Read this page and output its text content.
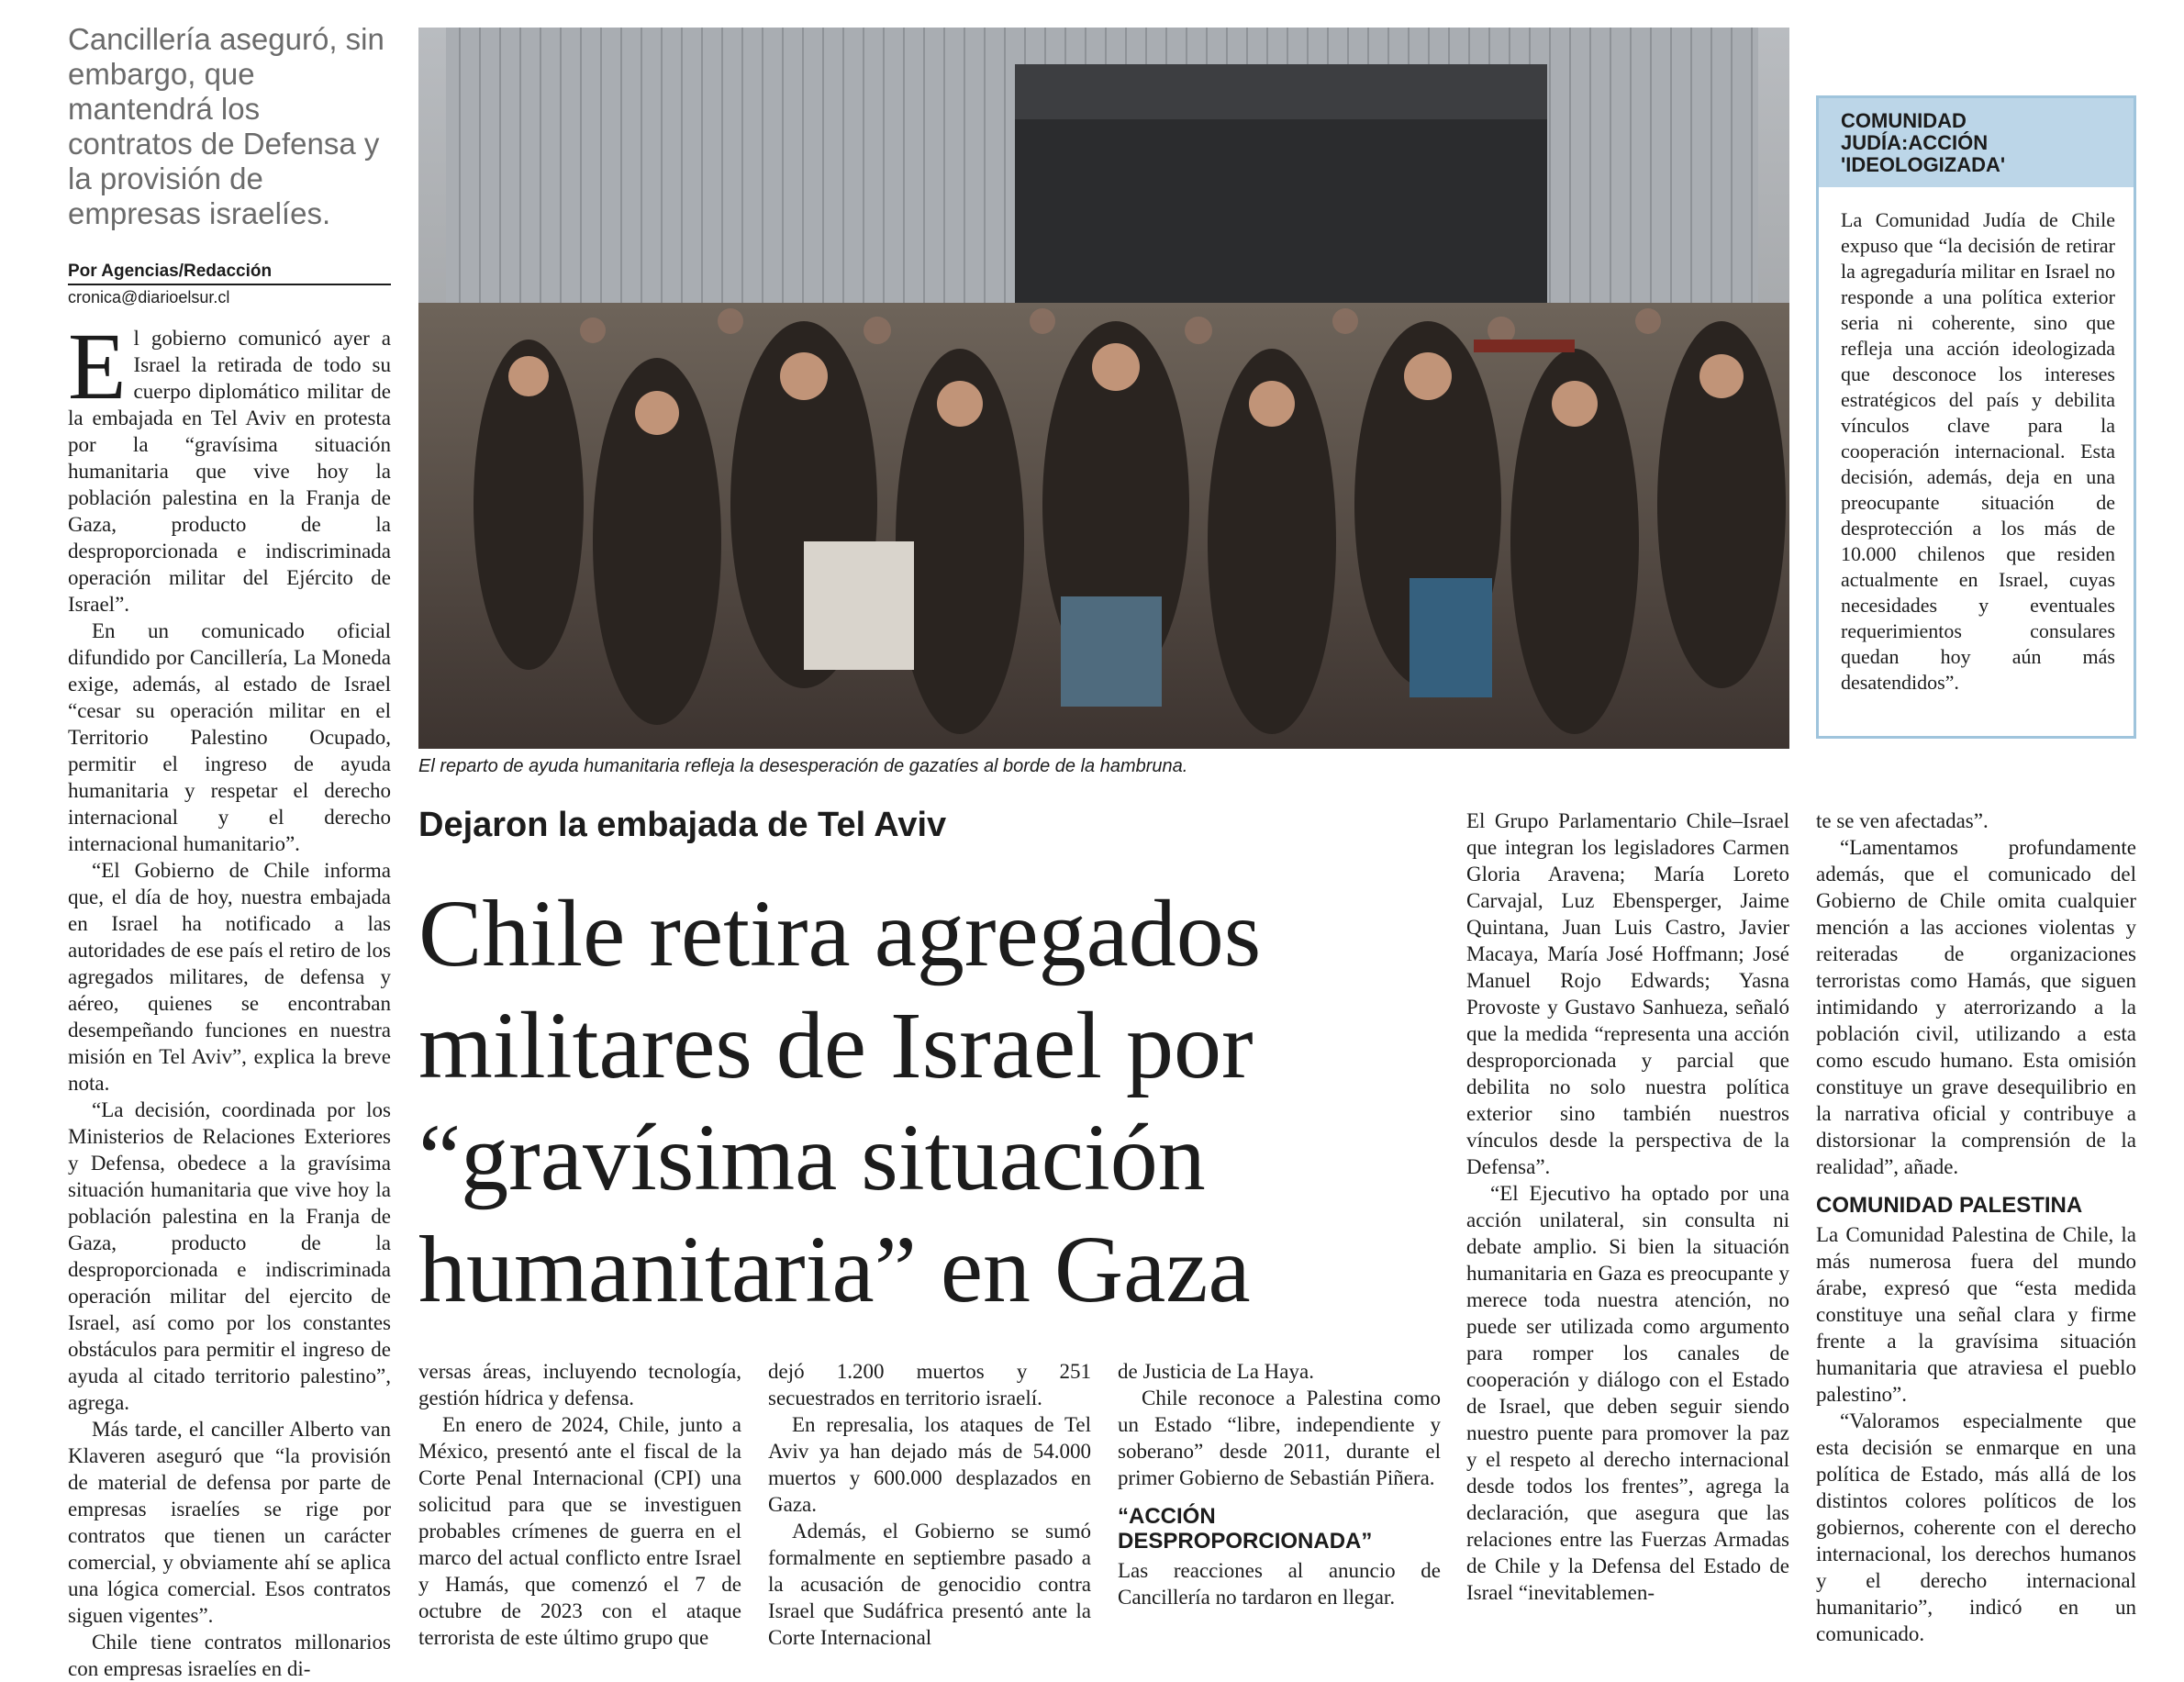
Cancillería aseguró, sin embargo, que mantendrá los contratos de Defensa y la provisión de empresas israelíes.
Por Agencias/Redacción
cronica@diarioelsur.cl

El gobierno comunicó ayer a Israel la retirada de todo su cuerpo diplomático militar de la embajada en Tel Aviv en protesta por la “gravísima situación humanitaria que vive hoy la población palestina en la Franja de Gaza, producto de la desproporcionada e indiscriminada operación militar del Ejército de Israel”.

En un comunicado oficial difundido por Cancillería, La Moneda exige, además, al estado de Israel “cesar su operación militar en el Territorio Palestino Ocupado, permitir el ingreso de ayuda humanitaria y respetar el derecho internacional y el derecho internacional humanitario”.

“El Gobierno de Chile informa que, el día de hoy, nuestra embajada en Israel ha notificado a las autoridades de ese país el retiro de los agregados militares, de defensa y aéreo, quienes se encontraban desempeñando funciones en nuestra misión en Tel Aviv”, explica la breve nota.

“La decisión, coordinada por los Ministerios de Relaciones Exteriores y Defensa, obedece a la gravísima situación humanitaria que vive hoy la población palestina en la Franja de Gaza, producto de la desproporcionada e indiscriminada operación militar del ejercito de Israel, así como por los constantes obstáculos para permitir el ingreso de ayuda al citado territorio palestino”, agrega.

Más tarde, el canciller Alberto van Klaveren aseguró que “la provisión de material de defensa por parte de empresas israelíes se rige por contratos que tienen un carácter comercial, y obviamente ahí se aplica una lógica comercial. Esos contratos siguen vigentes”.

Chile tiene contratos millonarios con empresas israelíes en di-

El reparto de ayuda humanitaria refleja la desesperación de gazatíes al borde de la hambruna.
COMUNIDAD JUDÍA:ACCIÓN 'IDEOLOGIZADA'
La Comunidad Judía de Chile expuso que “la decisión de retirar la agregaduría militar en Israel no responde a una política exterior seria ni coherente, sino que refleja una acción ideologizada que desconoce los intereses estratégicos del país y debilita vínculos clave para la cooperación internacional. Esta decisión, además, deja en una preocupante situación de desprotección a los más de 10.000 chilenos que residen actualmente en Israel, cuyas necesidades y eventuales requerimientos consulares quedan hoy aún más desatendidos”.
Dejaron la embajada de Tel Aviv
Chile retira agregados militares de Israel por “gravísima situación humanitaria” en Gaza

versas áreas, incluyendo tecnología, gestión hídrica y defensa.

En enero de 2024, Chile, junto a México, presentó ante el fiscal de la Corte Penal Internacional (CPI) una solicitud para que se investiguen probables crímenes de guerra en el marco del actual conflicto entre Israel y Hamás, que comenzó el 7 de octubre de 2023 con el ataque terrorista de este último grupo que

dejó 1.200 muertos y 251 secuestrados en territorio israelí.

En represalia, los ataques de Tel Aviv ya han dejado más de 54.000 muertos y 600.000 desplazados en Gaza.

Además, el Gobierno se sumó formalmente en septiembre pasado a la acusación de genocidio contra Israel que Sudáfrica presentó ante la Corte Internacional

de Justicia de La Haya.

Chile reconoce a Palestina como un Estado “libre, independiente y soberano” desde 2011, durante el primer Gobierno de Sebastián Piñera.

“ACCIÓN DESPROPORCIONADA”

Las reacciones al anuncio de Cancillería no tardaron en llegar.

El Grupo Parlamentario Chile–Israel que integran los legisladores Carmen Gloria Aravena; María Loreto Carvajal, Luz Ebensperger, Jaime Quintana, Juan Luis Castro, Javier Macaya, María José Hoffmann; José Manuel Rojo Edwards; Yasna Provoste y Gustavo Sanhueza, señaló que la medida “representa una acción desproporcionada y parcial que debilita no solo nuestra política exterior sino también nuestros vínculos desde la perspectiva de la Defensa”.

“El Ejecutivo ha optado por una acción unilateral, sin consulta ni debate amplio. Si bien la situación humanitaria en Gaza es preocupante y merece toda nuestra atención, no puede ser utilizada como argumento para romper los canales de cooperación y diálogo con el Estado de Israel, que deben seguir siendo nuestro puente para promover la paz y el respeto al derecho internacional desde todos los frentes”, agrega la declaración, que asegura que las relaciones entre las Fuerzas Armadas de Chile y la Defensa del Estado de Israel “inevitablemen-

te se ven afectadas”.

“Lamentamos profundamente además, que el comunicado del Gobierno de Chile omita cualquier mención a las acciones violentas y reiteradas de organizaciones terroristas como Hamás, que siguen intimidando y aterrorizando a la población civil, utilizando a esta como escudo humano. Esta omisión constituye un grave desequilibrio en la narrativa oficial y contribuye a distorsionar la comprensión de la realidad”, añade.

COMUNIDAD PALESTINA

La Comunidad Palestina de Chile, la más numerosa fuera del mundo árabe, expresó que “esta medida constituye una señal clara y firme frente a la gravísima situación humanitaria que atraviesa el pueblo palestino”.

“Valoramos especialmente que esta decisión se enmarque en una política de Estado, más allá de los distintos colores políticos de los gobiernos, coherente con el derecho internacional, los derechos humanos y el derecho internacional humanitario”, indicó en un comunicado.
